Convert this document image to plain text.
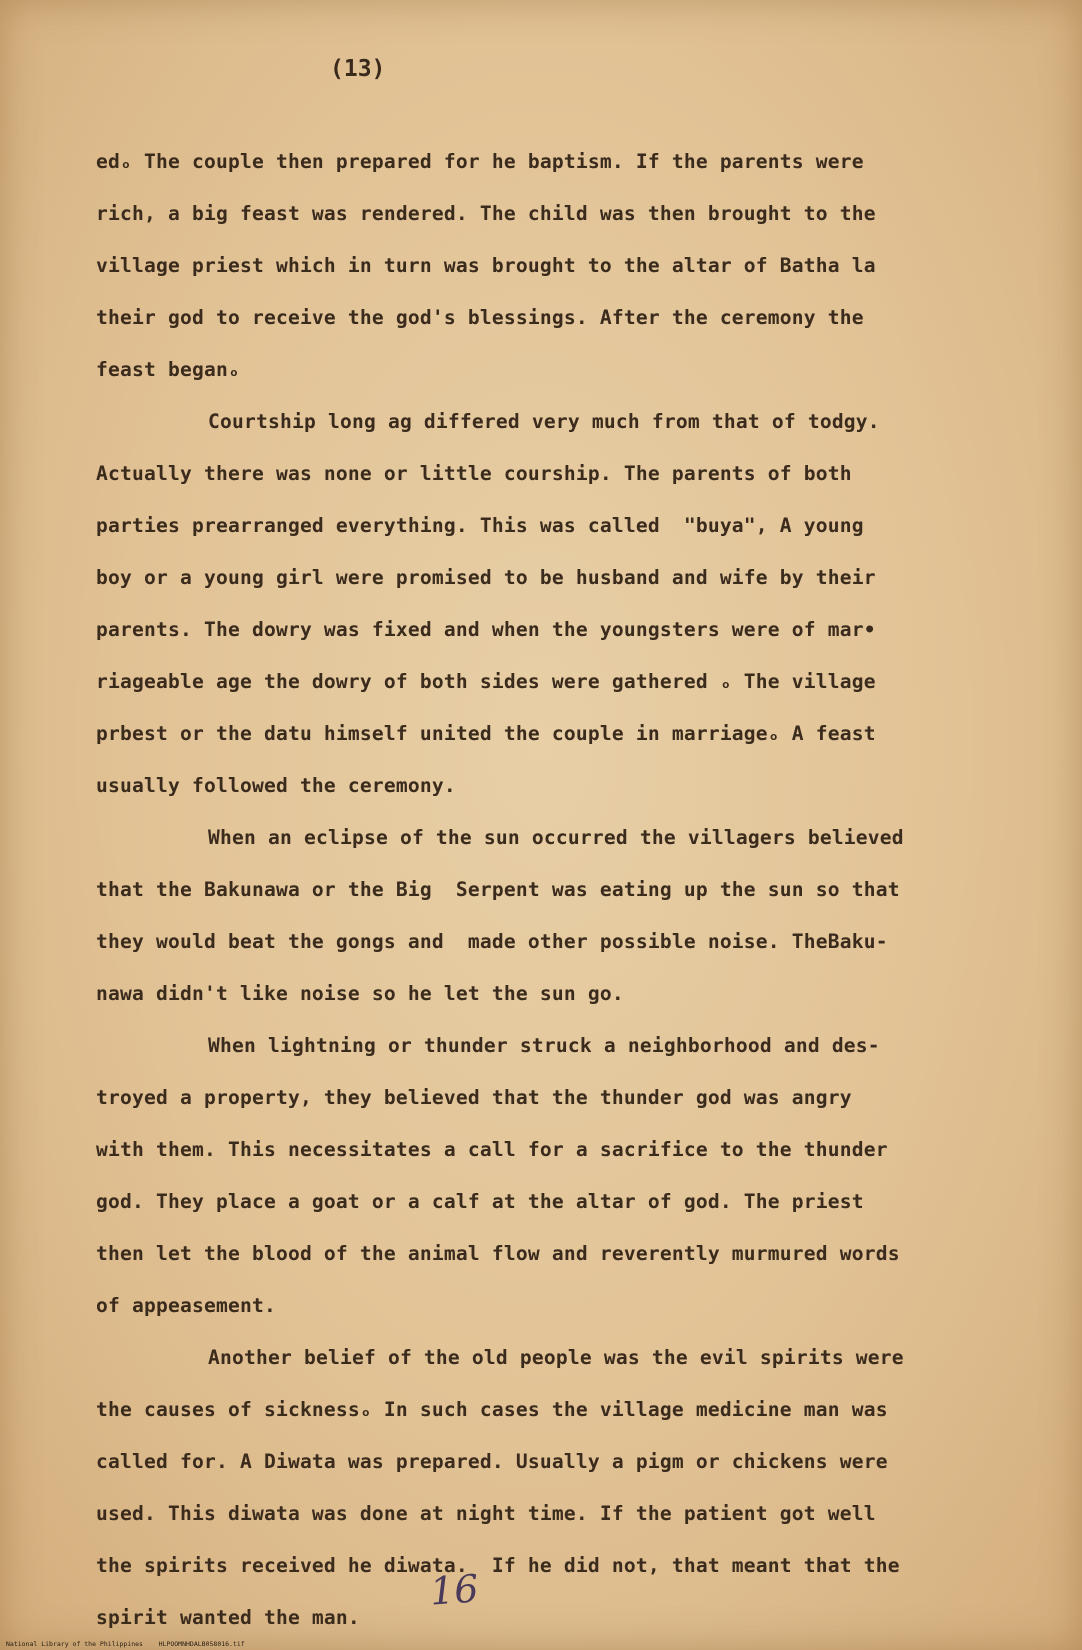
(13)
edₒ The couple then prepared for he baptism. If the parents were
rich, a big feast was rendered. The child was then brought to the
village priest which in turn was brought to the altar of Batha la
their god to receive the god's blessings. After the ceremony the
feast beganₒ
Courtship long ag differed very much from that of todgy.
Actually there was none or little courship. The parents of both
parties prearranged everything. This was called  "buya", A young
boy or a young girl were promised to be husband and wife by their
parents. The dowry was fixed and when the youngsters were of mar•
riageable age the dowry of both sides were gathered ₒ The village
prbest or the datu himself united the couple in marriageₒ A feast
usually followed the ceremony.
When an eclipse of the sun occurred the villagers believed
that the Bakunawa or the Big  Serpent was eating up the sun so that
they would beat the gongs and  made other possible noise. TheBaku-
nawa didn't like noise so he let the sun go.
When lightning or thunder struck a neighborhood and des-
troyed a property, they believed that the thunder god was angry
with them. This necessitates a call for a sacrifice to the thunder
god. They place a goat or a calf at the altar of god. The priest
then let the blood of the animal flow and reverently murmured words
of appeasement.
Another belief of the old people was the evil spirits were
the causes of sicknessₒ In such cases the village medicine man was
called for. A Diwata was prepared. Usually a pigm or chickens were
used. This diwata was done at night time. If the patient got well
the spirits received he diwata.  If he did not, that meant that the
spirit wanted the man.
16
National Library of the Philippines    HLPOOMNHDALB058016.tif
